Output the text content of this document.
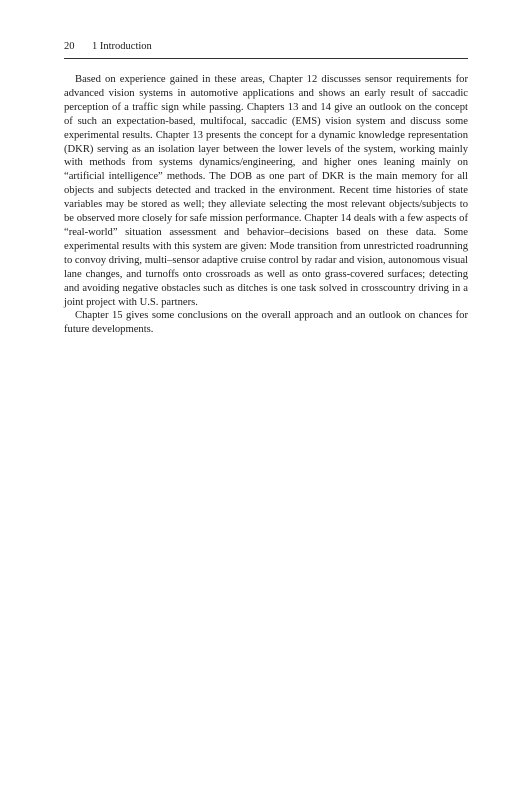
20 1 Introduction

Based on experience gained in these areas, Chapter 12 discusses sensor requirements for advanced vision systems in automotive applications and shows an early result of saccadic perception of a traffic sign while passing. Chapters 13 and 14 give an outlook on the concept of such an expectation-based, multifocal, saccadic (EMS) vision system and discuss some experimental results. Chapter 13 presents the concept for a dynamic knowledge representation (DKR) serving as an isolation layer between the lower levels of the system, working mainly with methods from systems dynamics/engineering, and higher ones leaning mainly on “artificial intelligence” methods. The DOB as one part of DKR is the main memory for all objects and subjects detected and tracked in the environment. Recent time histories of state variables may be stored as well; they alleviate selecting the most relevant objects/subjects to be observed more closely for safe mission performance. Chapter 14 deals with a few aspects of “real-world” situation assessment and behavior–decisions based on these data. Some experimental results with this system are given: Mode transition from unrestricted roadrunning to convoy driving, multi–sensor adaptive cruise control by radar and vision, autonomous visual lane changes, and turnoffs onto crossroads as well as onto grass-covered surfaces; detecting and avoiding negative obstacles such as ditches is one task solved in crosscountry driving in a joint project with U.S. partners.

Chapter 15 gives some conclusions on the overall approach and an outlook on chances for future developments.
